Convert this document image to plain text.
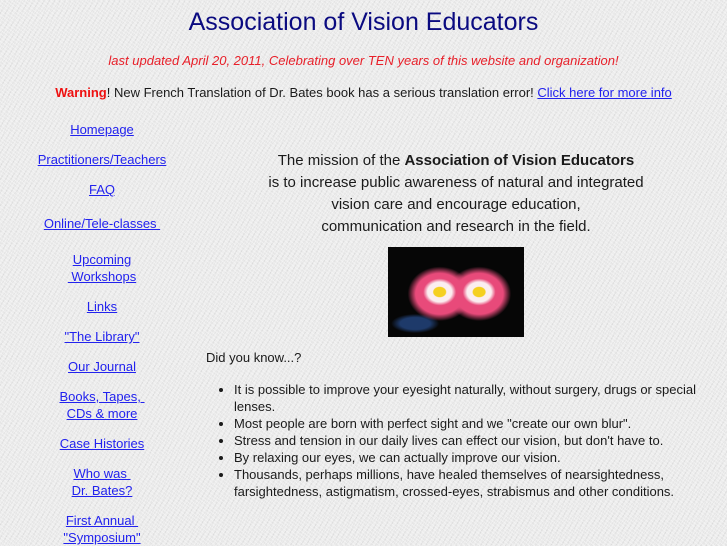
Association of Vision Educators
last updated April 20, 2011, Celebrating over TEN years of this website and organization!
Warning! New French Translation of Dr. Bates book has a serious translation error! Click here for more info
Homepage
Practitioners/Teachers
FAQ
Online/Tele-classes
Upcoming
Workshops
Links
"The Library"
Our Journal
Books, Tapes,
CDs & more
Case Histories
Who was
Dr. Bates?
First Annual
"Symposium"
The mission of the Association of Vision Educators
is to increase public awareness of natural and integrated
vision care and encourage education,
communication and research in the field.
Did you know...?
• It is possible to improve your eyesight naturally, without surgery, drugs or special lenses.
• Most people are born with perfect sight and we "create our own blur".
• Stress and tension in our daily lives can effect our vision, but don't have to.
• By relaxing our eyes, we can actually improve our vision.
• Thousands, perhaps millions, have healed themselves of nearsightedness, farsightedness, astigmatism, crossed-eyes, strabismus and other conditions.
